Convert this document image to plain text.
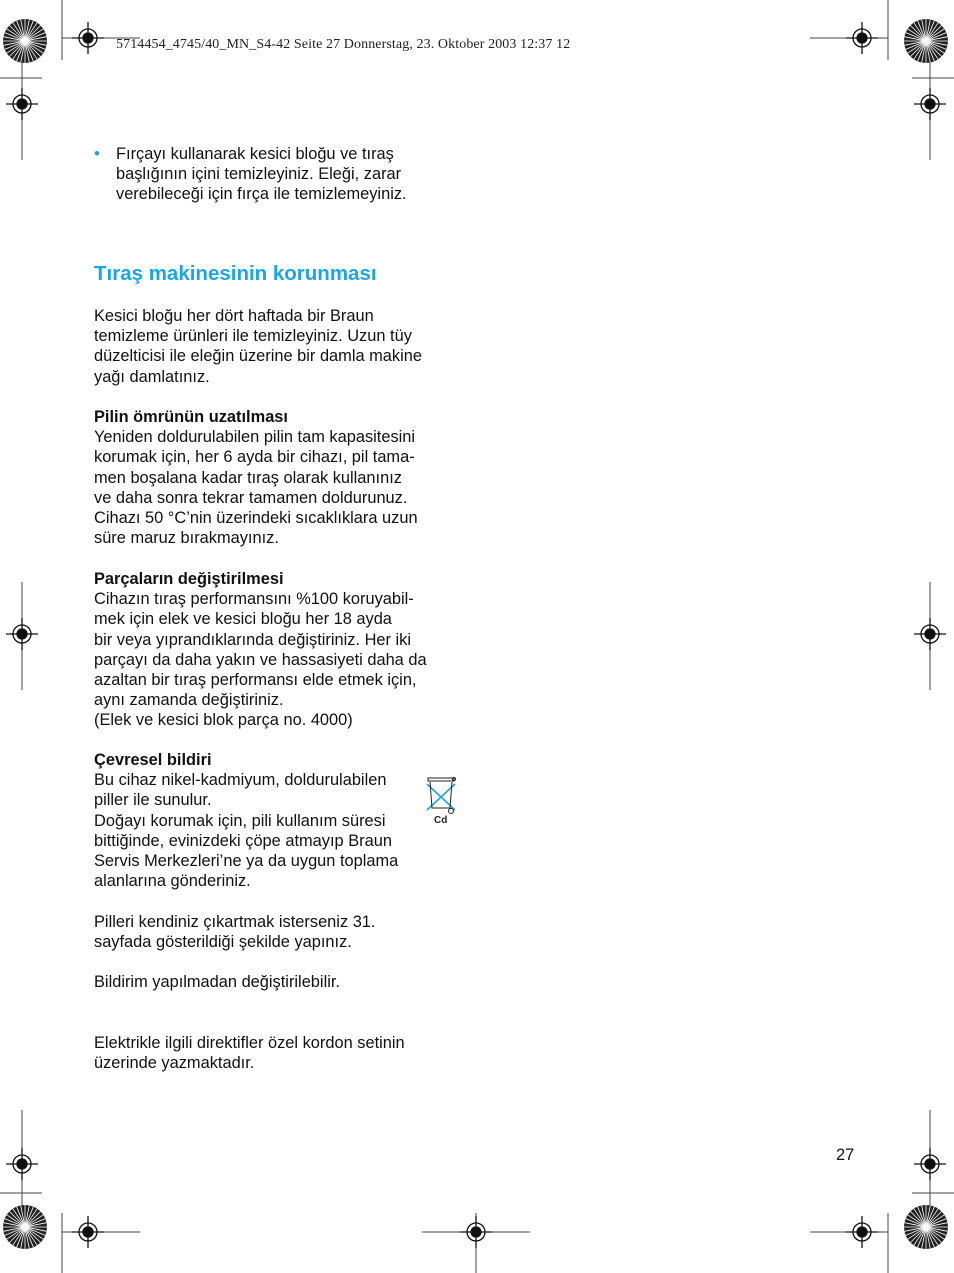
5714454_4745/40_MN_S4-42 Seite 27 Donnerstag, 23. Oktober 2003 12:37 12
• Fırçayı kullanarak kesici bloğu ve tıraş
başlığının içini temizleyiniz. Eleği, zarar
verebileceği için fırça ile temizlemeyiniz.
Tıraş makinesinin korunması

Kesici bloğu her dört haftada bir Braun

temizleme ürünleri ile temizleyiniz. Uzun tüy

düzelticisi ile eleğin üzerine bir damla makine

yağı damlatınız.

Pilin ömrünün uzatılması

Yeniden doldurulabilen pilin tam kapasitesini

korumak için, her 6 ayda bir cihazı, pil tama-

men boşalana kadar tıraş olarak kullanınız

ve daha sonra tekrar tamamen doldurunuz.

Cihazı 50 °C’nin üzerindeki sıcaklıklara uzun

süre maruz bırakmayınız.

Parçaların değiştirilmesi

Cihazın tıraş performansını %100 koruyabil-

mek için elek ve kesici bloğu her 18 ayda

bir veya yıprandıklarında değiştiriniz. Her iki

parçayı da daha yakın ve hassasiyeti daha da

azaltan bir tıraş performansı elde etmek için,

aynı zamanda değiştiriniz.

(Elek ve kesici blok parça no. 4000)

Çevresel bildiri

Bu cihaz nikel-kadmiyum, doldurulabilen

piller ile sunulur.

Doğayı korumak için, pili kullanım süresi

bittiğinde, evinizdeki çöpe atmayıp Braun

Servis Merkezleri’ne ya da uygun toplama

alanlarına gönderiniz.

Cd

Pilleri kendiniz çıkartmak isterseniz 31.

sayfada gösterildiği şekilde yapınız.

Bildirim yapılmadan değiştirilebilir.

Elektrikle ilgili direktifler özel kordon setinin

üzerinde yazmaktadır.

27
